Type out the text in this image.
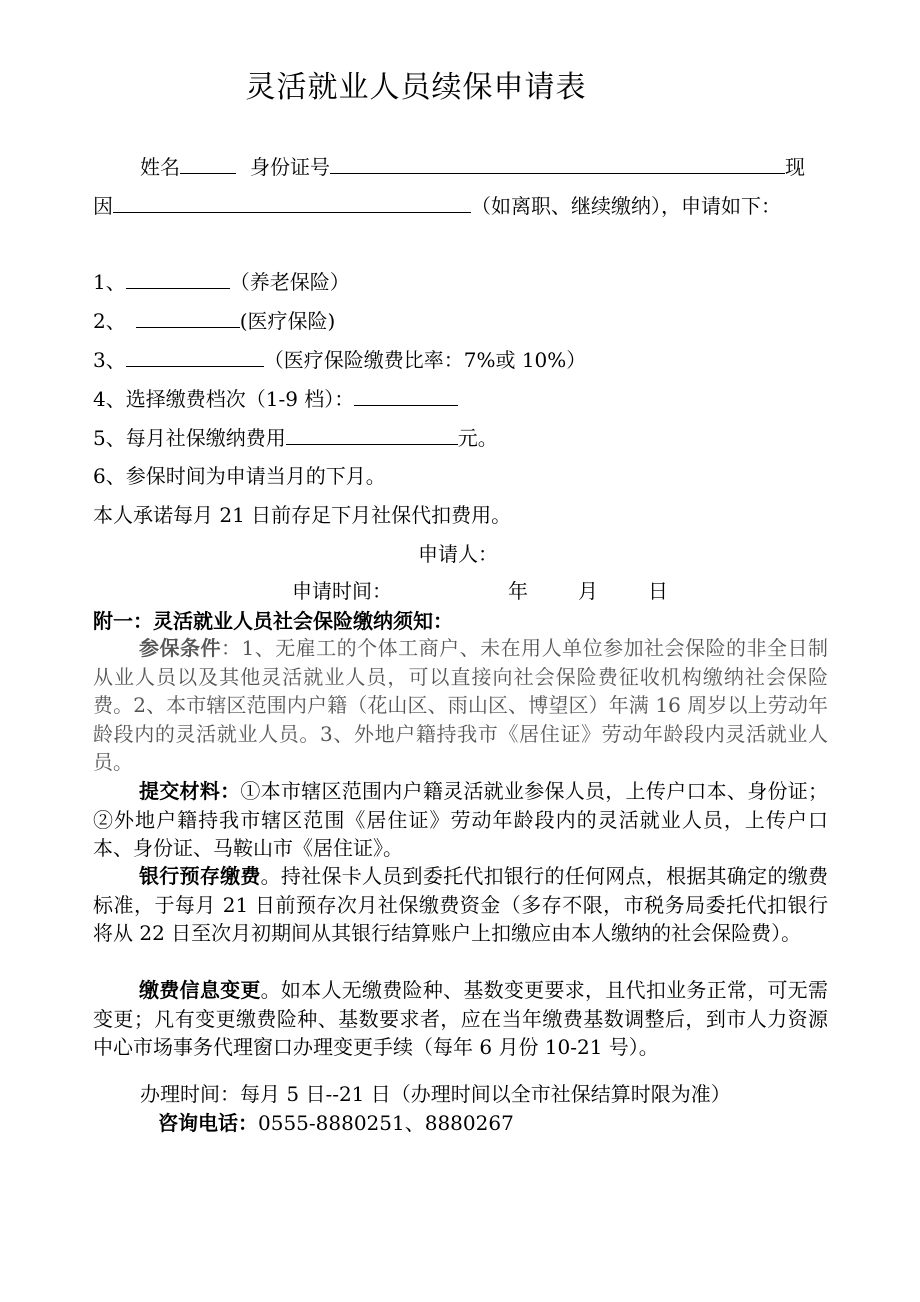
灵活就业人员续保申请表
姓名	身份证号	现
因	（如离职、继续缴纳），申请如下：
1、	（养老保险）
2、	(医疗保险)
3、	（医疗保险缴费比率：7%或 10%）
4、选择缴费档次（1-9 档）：
5、每月社保缴纳费用	元。
6、参保时间为申请当月的下月。
本人承诺每月 21 日前存足下月社保代扣费用。
申请人：
申请时间：	年	月	日
附一：灵活就业人员社会保险缴纳须知：
参保条件：1、无雇工的个体工商户、未在用人单位参加社会保险的非全日制从业人员以及其他灵活就业人员，可以直接向社会保险费征收机构缴纳社会保险费。2、本市辖区范围内户籍（花山区、雨山区、博望区）年满 16 周岁以上劳动年龄段内的灵活就业人员。3、外地户籍持我市《居住证》劳动年龄段内灵活就业人员。
提交材料：①本市辖区范围内户籍灵活就业参保人员，上传户口本、身份证；②外地户籍持我市辖区范围《居住证》劳动年龄段内的灵活就业人员，上传户口本、身份证、马鞍山市《居住证》。
银行预存缴费。持社保卡人员到委托代扣银行的任何网点，根据其确定的缴费标准，于每月 21 日前预存次月社保缴费资金（多存不限，市税务局委托代扣银行将从 22 日至次月初期间从其银行结算账户上扣缴应由本人缴纳的社会保险费）。
缴费信息变更。如本人无缴费险种、基数变更要求，且代扣业务正常，可无需变更；凡有变更缴费险种、基数要求者，应在当年缴费基数调整后，到市人力资源中心市场事务代理窗口办理变更手续（每年 6 月份 10-21 号）。
办理时间：每月 5 日--21 日（办理时间以全市社保结算时限为准）
咨询电话：0555-8880251、8880267
